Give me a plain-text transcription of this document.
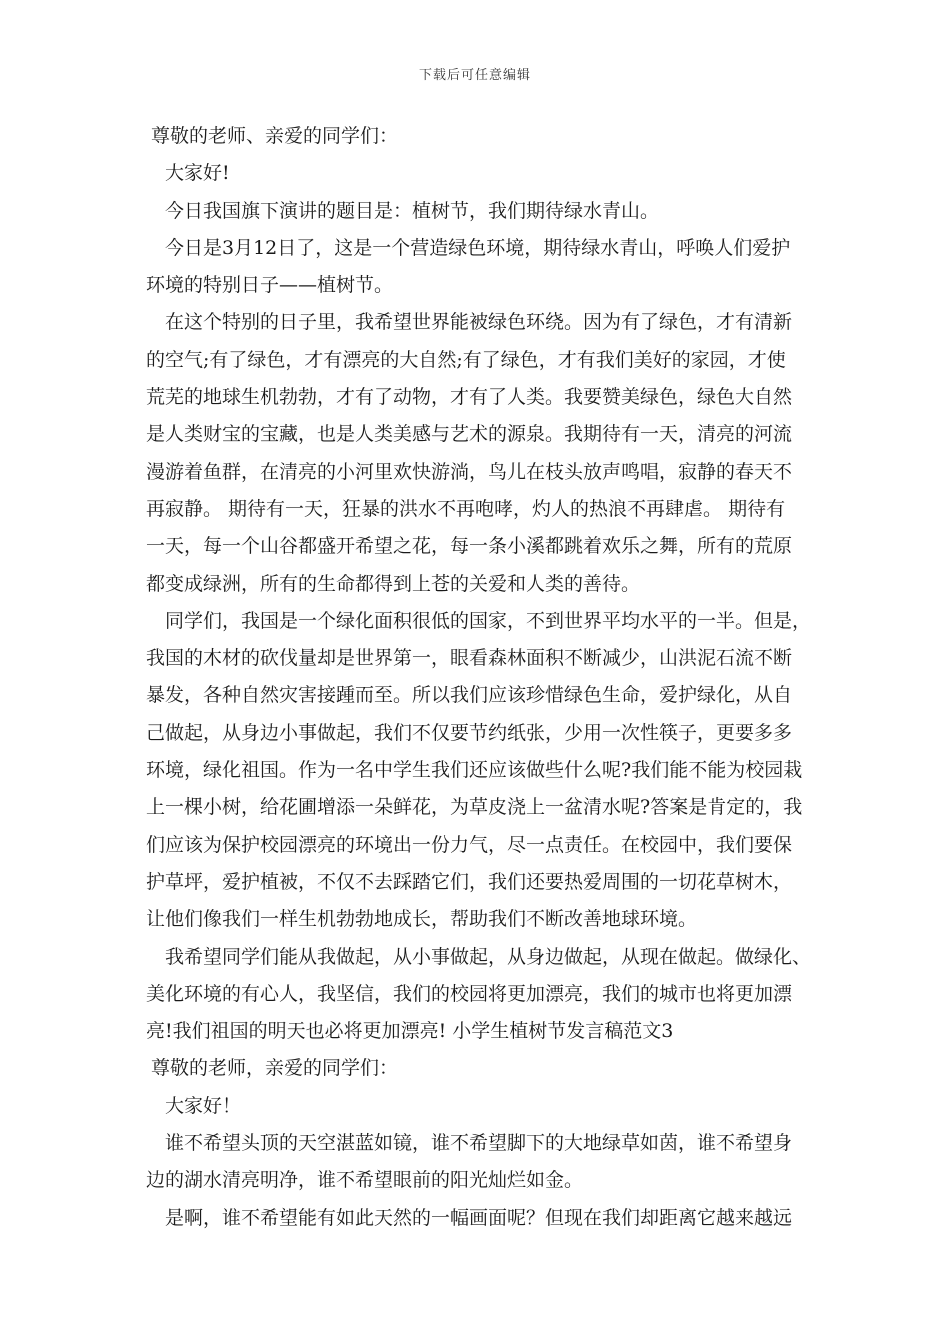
下载后可任意编辑
尊敬的老师、亲爱的同学们：
大家好!
今日我国旗下演讲的题目是：植树节，我们期待绿水青山。
今日是3月12日了，这是一个营造绿色环境，期待绿水青山，呼唤人们爱护
环境的特别日子——植树节。
在这个特别的日子里，我希望世界能被绿色环绕。因为有了绿色，才有清新
的空气;有了绿色，才有漂亮的大自然;有了绿色，才有我们美好的家园，才使
荒芜的地球生机勃勃，才有了动物，才有了人类。我要赞美绿色，绿色大自然
是人类财宝的宝藏，也是人类美感与艺术的源泉。我期待有一天，清亮的河流
漫游着鱼群，在清亮的小河里欢快游淌，鸟儿在枝头放声鸣唱，寂静的春天不
再寂静。 期待有一天，狂暴的洪水不再咆哮，灼人的热浪不再肆虐。 期待有
一天，每一个山谷都盛开希望之花，每一条小溪都跳着欢乐之舞，所有的荒原
都变成绿洲，所有的生命都得到上苍的关爱和人类的善待。
同学们，我国是一个绿化面积很低的国家，不到世界平均水平的一半。但是，
我国的木材的砍伐量却是世界第一，眼看森林面积不断减少，山洪泥石流不断
暴发，各种自然灾害接踵而至。所以我们应该珍惜绿色生命，爱护绿化，从自
己做起，从身边小事做起，我们不仅要节约纸张，少用一次性筷子，更要多多
环境，绿化祖国。作为一名中学生我们还应该做些什么呢?我们能不能为校园栽
上一棵小树，给花圃增添一朵鲜花，为草皮浇上一盆清水呢?答案是肯定的，我
们应该为保护校园漂亮的环境出一份力气，尽一点责任。在校园中，我们要保
护草坪，爱护植被，不仅不去踩踏它们，我们还要热爱周围的一切花草树木，
让他们像我们一样生机勃勃地成长，帮助我们不断改善地球环境。
我希望同学们能从我做起，从小事做起，从身边做起，从现在做起。做绿化、
美化环境的有心人，我坚信，我们的校园将更加漂亮，我们的城市也将更加漂
亮!我们祖国的明天也必将更加漂亮! 小学生植树节发言稿范文3
尊敬的老师，亲爱的同学们：
大家好！
谁不希望头顶的天空湛蓝如镜，谁不希望脚下的大地绿草如茵，谁不希望身
边的湖水清亮明净，谁不希望眼前的阳光灿烂如金。
是啊，谁不希望能有如此天然的一幅画面呢？但现在我们却距离它越来越远
